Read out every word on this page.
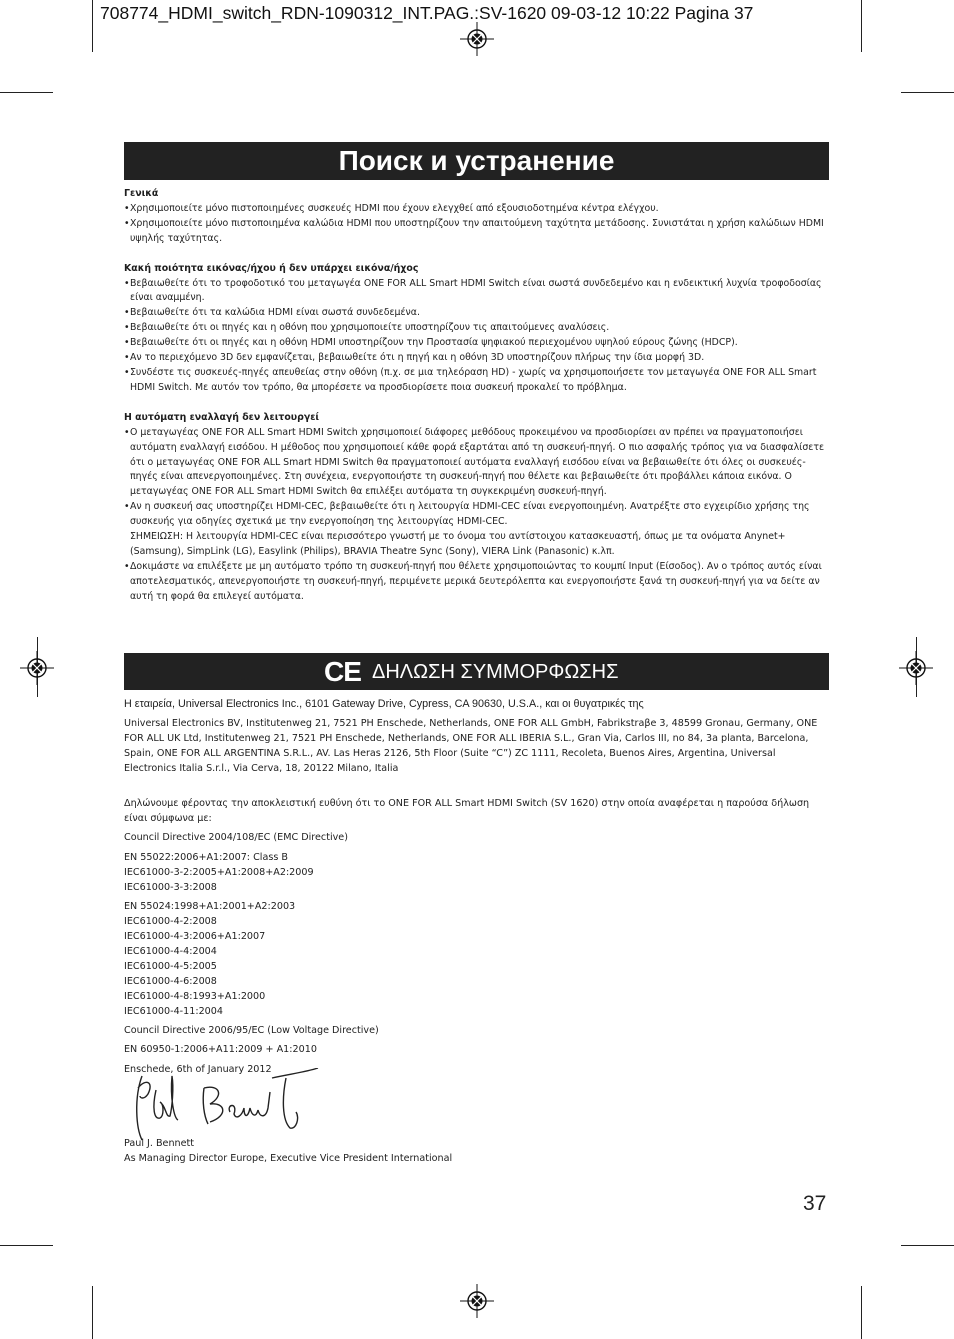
708774_HDMI_switch_RDN-1090312_INT.PAG.:SV-1620 09-03-12 10:22 Pagina 37
Поиск и устранение

Γενικά

• Χρησιμοποιείτε μόνο πιστοποιημένες συσκευές HDMI που έχουν ελεγχθεί από εξουσιοδοτημένα κέντρα ελέγχου.

• Χρησιμοποιείτε μόνο πιστοποιημένα καλώδια HDMI που υποστηρίζουν την απαιτούμενη ταχύτητα μετάδοσης. Συνιστάται η χρήση καλώδιων HDMI υψηλής ταχύτητας.

Κακή ποιότητα εικόνας/ήχου ή δεν υπάρχει εικόνα/ήχος

• Βεβαιωθείτε ότι το τροφοδοτικό του μεταγωγέα ONE FOR ALL Smart HDMI Switch είναι σωστά συνδεδεμένο και η ενδεικτική λυχνία τροφοδοσίας είναι αναμμένη.

• Βεβαιωθείτε ότι τα καλώδια HDMI είναι σωστά συνδεδεμένα.

• Βεβαιωθείτε ότι οι πηγές και η οθόνη που χρησιμοποιείτε υποστηρίζουν τις απαιτούμενες αναλύσεις.

• Βεβαιωθείτε ότι οι πηγές και η οθόνη HDMI υποστηρίζουν την Προστασία ψηφιακού περιεχομένου υψηλού εύρους ζώνης (HDCP).

• Αν το περιεχόμενο 3D δεν εμφανίζεται, βεβαιωθείτε ότι η πηγή και η οθόνη 3D υποστηρίζουν πλήρως την ίδια μορφή 3D.

• Συνδέστε τις συσκευές-πηγές απευθείας στην οθόνη (π.χ. σε μια τηλεόραση HD) - χωρίς να χρησιμοποιήσετε τον μεταγωγέα ONE FOR ALL Smart HDMI Switch. Με αυτόν τον τρόπο, θα μπορέσετε να προσδιορίσετε ποια συσκευή προκαλεί το πρόβλημα.

Η αυτόματη εναλλαγή δεν λειτουργεί

• Ο μεταγωγέας ONE FOR ALL Smart HDMI Switch χρησιμοποιεί διάφορες μεθόδους προκειμένου να προσδιορίσει αν πρέπει να πραγματοποιήσει αυτόματη εναλλαγή εισόδου. Η μέθοδος που χρησιμοποιεί κάθε φορά εξαρτάται από τη συσκευή-πηγή. Ο πιο ασφαλής τρόπος για να διασφαλίσετε ότι ο μεταγωγέας ONE FOR ALL Smart HDMI Switch θα πραγματοποιεί αυτόματα εναλλαγή εισόδου είναι να βεβαιωθείτε ότι όλες οι συσκευές-πηγές είναι απενεργοποιημένες. Στη συνέχεια, ενεργοποιήστε τη συσκευή-πηγή που θέλετε και βεβαιωθείτε ότι προβάλλει κάποια εικόνα. Ο μεταγωγέας ONE FOR ALL Smart HDMI Switch θα επιλέξει αυτόματα τη συγκεκριμένη συσκευή-πηγή.

• Αν η συσκευή σας υποστηρίζει HDMI-CEC, βεβαιωθείτε ότι η λειτουργία HDMI-CEC είναι ενεργοποιημένη. Ανατρέξτε στο εγχειρίδιο χρήσης της συσκευής για οδηγίες σχετικά με την ενεργοποίηση της λειτουργίας HDMI-CEC.

ΣΗΜΕΙΩΣΗ: Η λειτουργία HDMI-CEC είναι περισσότερο γνωστή με το όνομα του αντίστοιχου κατασκευαστή, όπως με τα ονόματα Anynet+ (Samsung), SimpLink (LG), Easylink (Philips), BRAVIA Theatre Sync (Sony), VIERA Link (Panasonic) κ.λπ.

• Δοκιμάστε να επιλέξετε με μη αυτόματο τρόπο τη συσκευή-πηγή που θέλετε χρησιμοποιώντας το κουμπί Input (Είσοδος). Αν ο τρόπος αυτός είναι αποτελεσματικός, απενεργοποιήστε τη συσκευή-πηγή, περιμένετε μερικά δευτερόλεπτα και ενεργοποιήστε ξανά τη συσκευή-πηγή για να δείτε αν αυτή τη φορά θα επιλεγεί αυτόματα.

CE ΔΗΛΩΣΗ ΣΥΜΜΟΡΦΩΣΗΣ
Η εταιρεία, Universal Electronics Inc., 6101 Gateway Drive, Cypress, CA 90630, U.S.A., και οι θυγατρικές της

Universal Electronics BV, Institutenweg 21, 7521 PH Enschede, Netherlands, ONE FOR ALL GmbH, Fabrikstraβe 3, 48599 Gronau, Germany, ONE FOR ALL UK Ltd, Institutenweg 21, 7521 PH Enschede, Netherlands, ONE FOR ALL IBERIA S.L., Gran Via, Carlos III, no 84, 3a planta, Barcelona, Spain, ONE FOR ALL ARGENTINA S.R.L., AV. Las Heras 2126, 5th Floor (Suite “C”) ZC 1111, Recoleta, Buenos Aires, Argentina, Universal Electronics Italia S.r.l., Via Cerva, 18, 20122 Milano, Italia

Δηλώνουμε φέροντας την αποκλειστική ευθύνη ότι το ONE FOR ALL Smart HDMI Switch (SV 1620) στην οποία αναφέρεται η παρούσα δήλωση είναι σύμφωνα με:

Council Directive 2004/108/EC (EMC Directive)

EN 55022:2006+A1:2007: Class B

IEC61000-3-2:2005+A1:2008+A2:2009

IEC61000-3-3:2008

EN 55024:1998+A1:2001+A2:2003

IEC61000-4-2:2008

IEC61000-4-3:2006+A1:2007

IEC61000-4-4:2004

IEC61000-4-5:2005

IEC61000-4-6:2008

IEC61000-4-8:1993+A1:2000

IEC61000-4-11:2004

Council Directive 2006/95/EC (Low Voltage Directive)

EN 60950-1:2006+A11:2009 + A1:2010

Enschede, 6th of January 2012

Paul J. Bennett

As Managing Director Europe, Executive Vice President International

37
